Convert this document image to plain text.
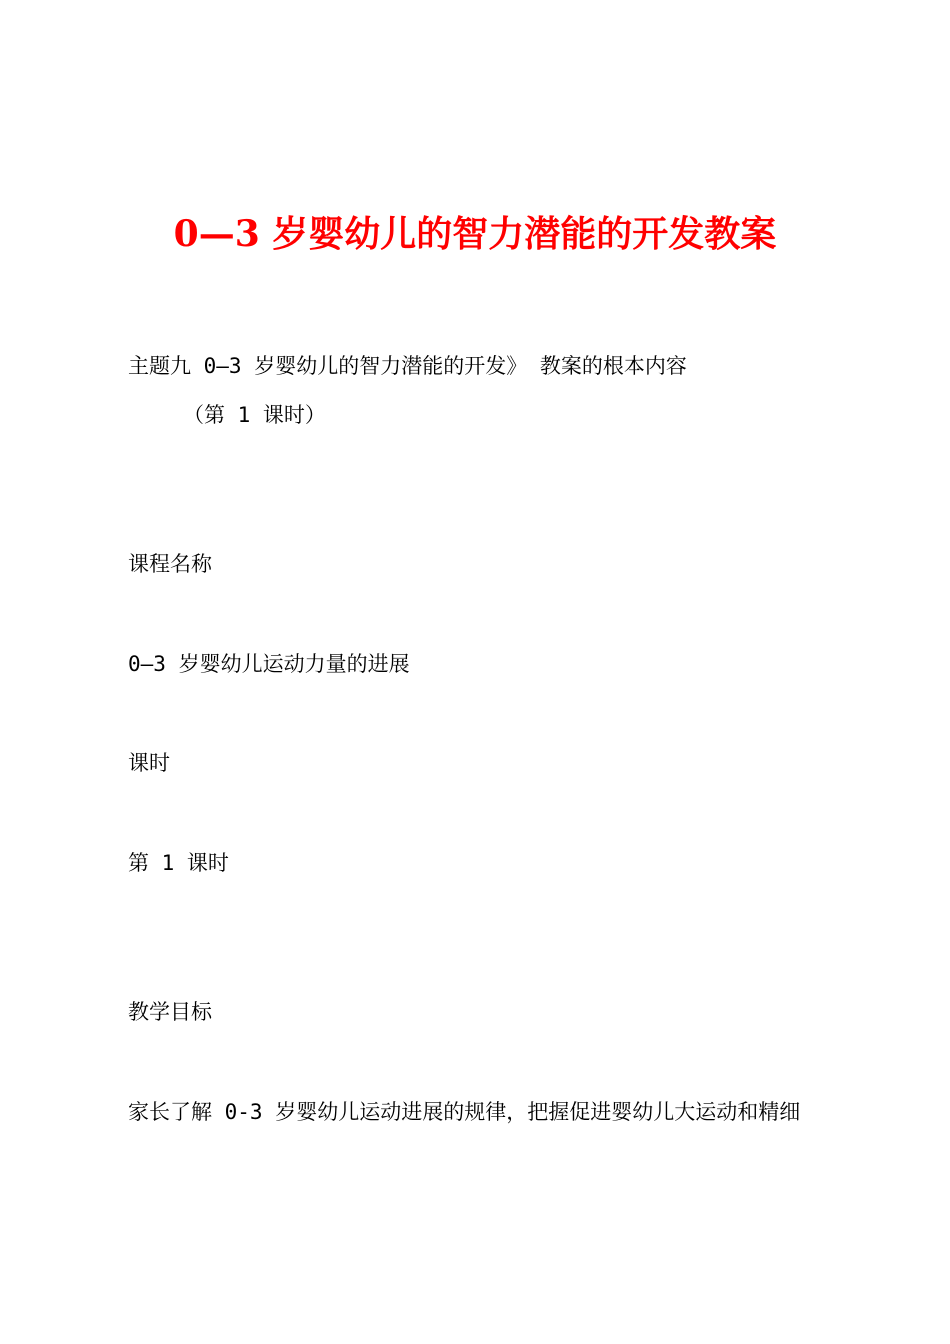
0—3 岁婴幼儿的智力潜能的开发教案
主题九 0—3 岁婴幼儿的智力潜能的开发》 教案的根本内容
（第 1 课时）
课程名称
0—3 岁婴幼儿运动力量的进展
课时
第 1 课时
教学目标
家长了解 0-3 岁婴幼儿运动进展的规律，把握促进婴幼儿大运动和精细
